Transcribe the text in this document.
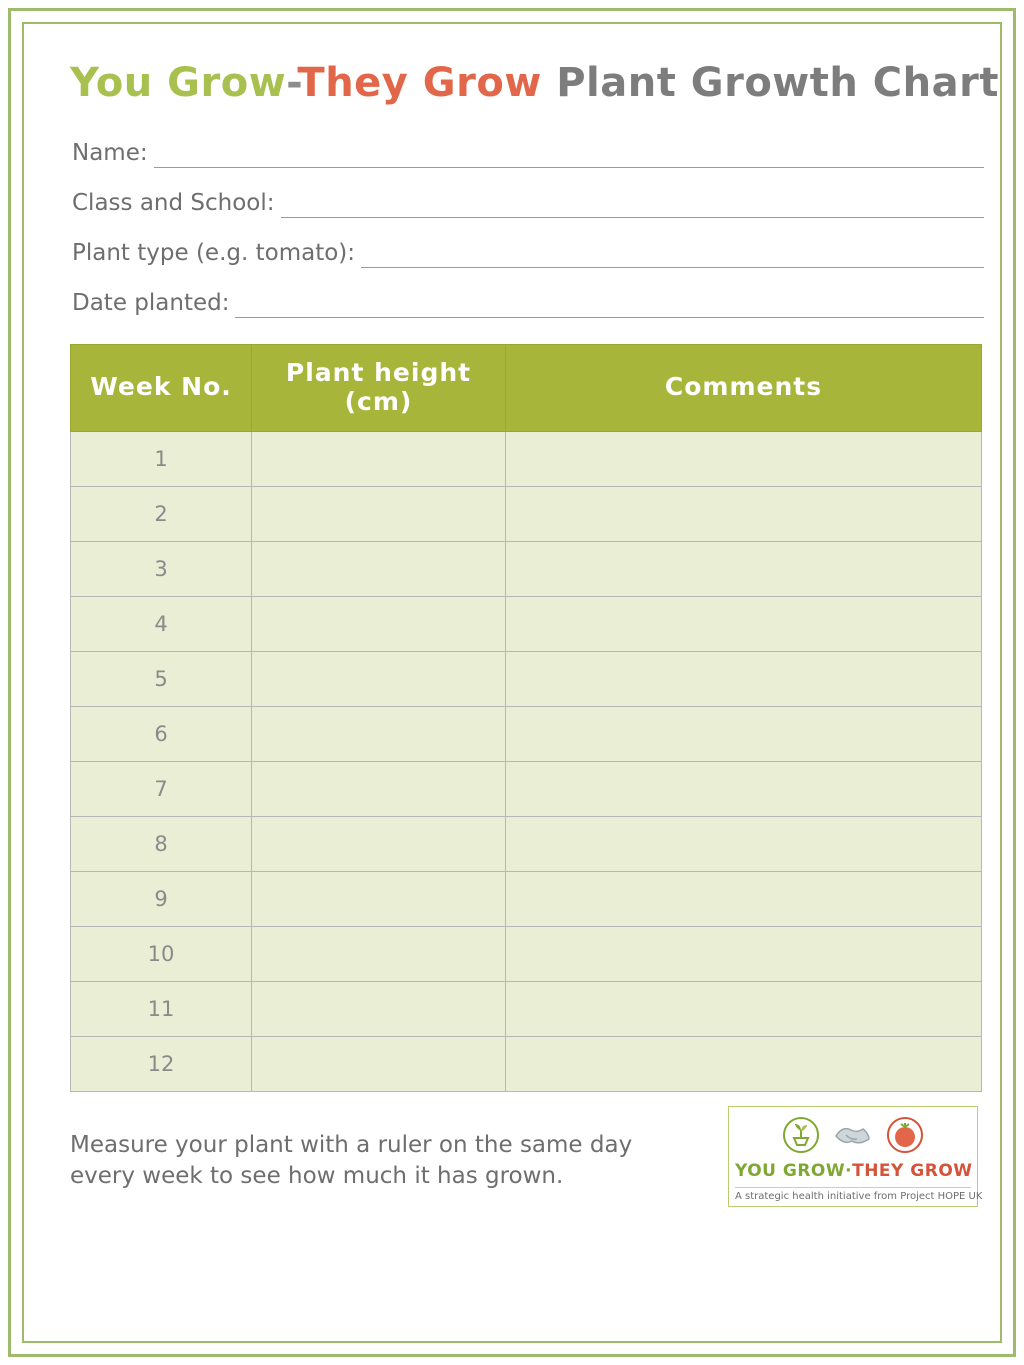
You Grow-They Grow Plant Growth Chart
Name:
Class and School:
Plant type (e.g. tomato):
Date planted:
Week No.	Plant height (cm)	Comments
1		
2		
3		
4		
5		
6		
7		
8		
9		
10		
11		
12		
Measure your plant with a ruler on the same day every week to see how much it has grown.	YOU GROW·THEY GROW
A strategic health initiative from Project HOPE UK
